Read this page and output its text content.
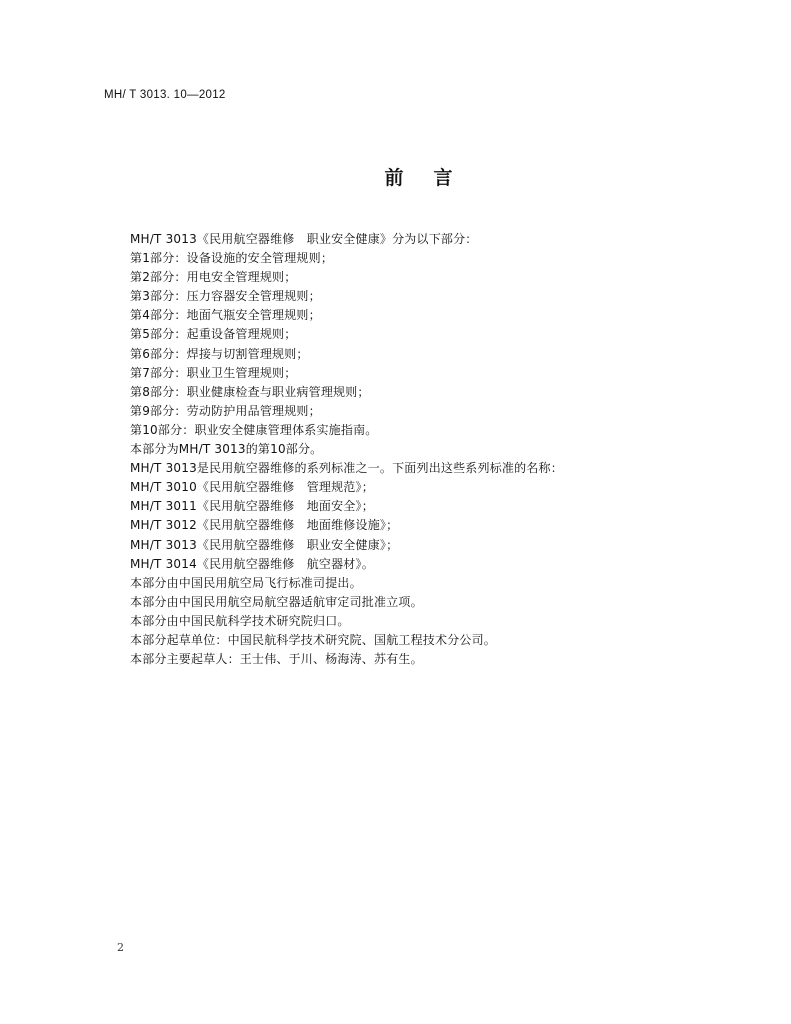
MH/ T 3013. 10—2012
前言
MH/T 3013《民用航空器维修　职业安全健康》分为以下部分：
第1部分：设备设施的安全管理规则；
第2部分：用电安全管理规则；
第3部分：压力容器安全管理规则；
第4部分：地面气瓶安全管理规则；
第5部分：起重设备管理规则；
第6部分：焊接与切割管理规则；
第7部分：职业卫生管理规则；
第8部分：职业健康检查与职业病管理规则；
第9部分：劳动防护用品管理规则；
第10部分：职业安全健康管理体系实施指南。
本部分为MH/T 3013的第10部分。
MH/T 3013是民用航空器维修的系列标准之一。下面列出这些系列标准的名称：
MH/T 3010《民用航空器维修　管理规范》；
MH/T 3011《民用航空器维修　地面安全》；
MH/T 3012《民用航空器维修　地面维修设施》；
MH/T 3013《民用航空器维修　职业安全健康》；
MH/T 3014《民用航空器维修　航空器材》。
本部分由中国民用航空局飞行标准司提出。
本部分由中国民用航空局航空器适航审定司批准立项。
本部分由中国民航科学技术研究院归口。
本部分起草单位：中国民航科学技术研究院、国航工程技术分公司。
本部分主要起草人：王士伟、于川、杨海涛、苏有生。
2
